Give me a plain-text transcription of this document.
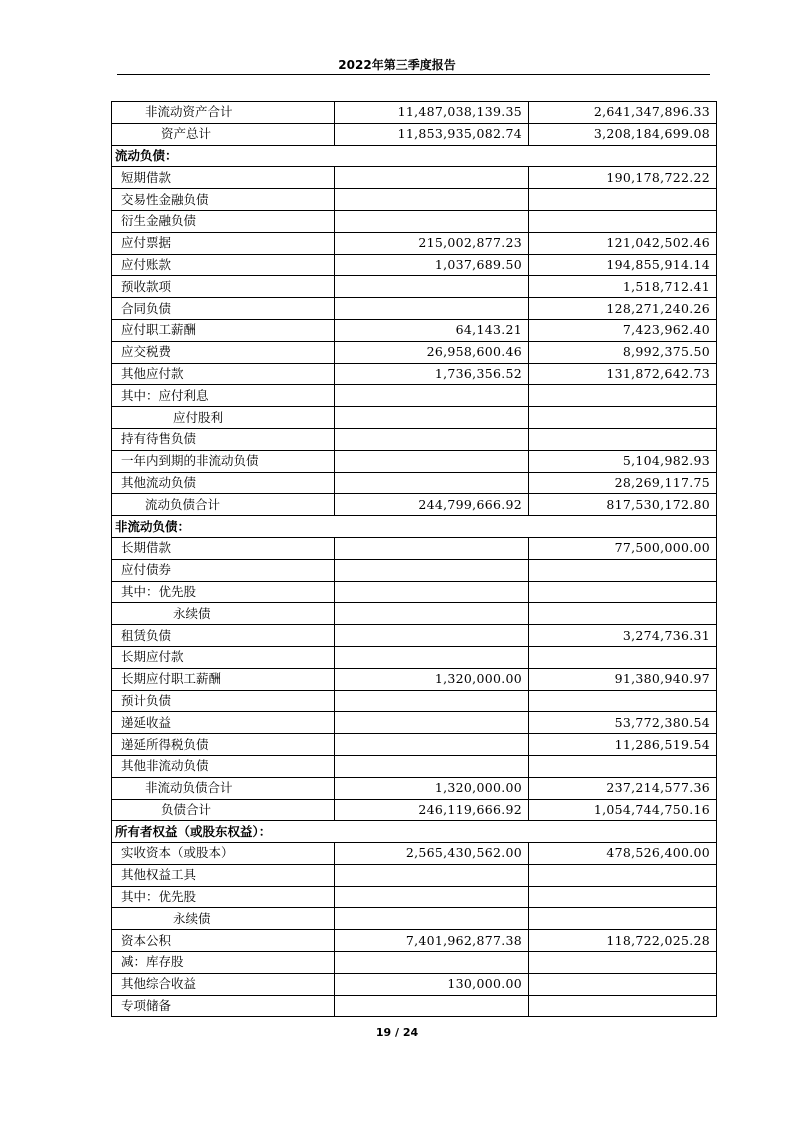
2022年第三季度报告
非流动资产合计	11,487,038,139.35	2,641,347,896.33
资产总计	11,853,935,082.74	3,208,184,699.08
流动负债：		
短期借款		190,178,722.22
交易性金融负债		
衍生金融负债		
应付票据	215,002,877.23	121,042,502.46
应付账款	1,037,689.50	194,855,914.14
预收款项		1,518,712.41
合同负债		128,271,240.26
应付职工薪酬	64,143.21	7,423,962.40
应交税费	26,958,600.46	8,992,375.50
其他应付款	1,736,356.52	131,872,642.73
其中：应付利息		
应付股利		
持有待售负债		
一年内到期的非流动负债		5,104,982.93
其他流动负债		28,269,117.75
流动负债合计	244,799,666.92	817,530,172.80
非流动负债：		
长期借款		77,500,000.00
应付债券		
其中：优先股		
永续债		
租赁负债		3,274,736.31
长期应付款		
长期应付职工薪酬	1,320,000.00	91,380,940.97
预计负债		
递延收益		53,772,380.54
递延所得税负债		11,286,519.54
其他非流动负债		
非流动负债合计	1,320,000.00	237,214,577.36
负债合计	246,119,666.92	1,054,744,750.16
所有者权益（或股东权益）：		
实收资本（或股本）	2,565,430,562.00	478,526,400.00
其他权益工具		
其中：优先股		
永续债		
资本公积	7,401,962,877.38	118,722,025.28
减：库存股		
其他综合收益	130,000.00	
专项储备		
19 / 24
